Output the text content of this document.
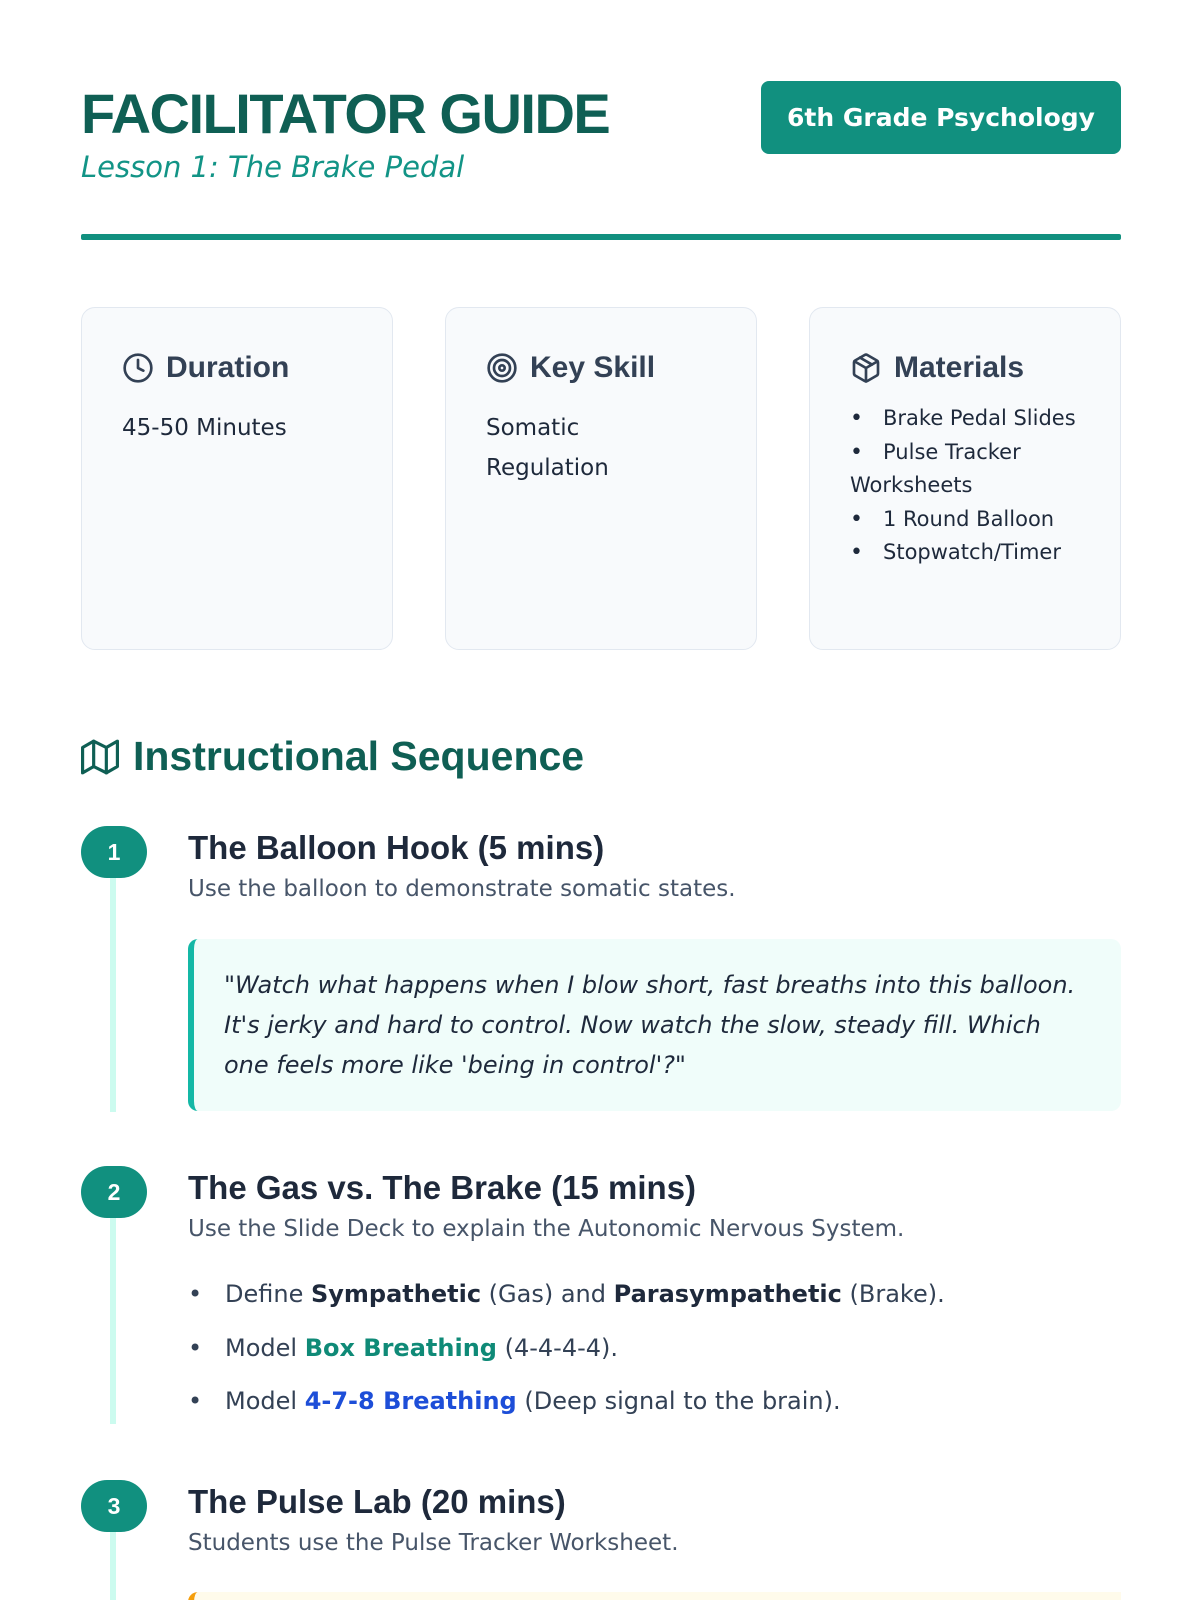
FACILITATOR GUIDE
Lesson 1: The Brake Pedal
6th Grade Psychology
Duration
45-50 Minutes
Key Skill
Somatic Regulation
Materials
• Brake Pedal Slides
• Pulse Tracker Worksheets
• 1 Round Balloon
• Stopwatch/Timer
Instructional Sequence
1	The Balloon Hook (5 mins)
Use the balloon to demonstrate somatic states.
"Watch what happens when I blow short, fast breaths into this balloon. It's jerky and hard to control. Now watch the slow, steady fill. Which one feels more like 'being in control'?"
2	The Gas vs. The Brake (15 mins)
Use the Slide Deck to explain the Autonomic Nervous System.
• Define Sympathetic (Gas) and Parasympathetic (Brake).
• Model Box Breathing (4-4-4-4).
• Model 4-7-8 Breathing (Deep signal to the brain).
3	The Pulse Lab (20 mins)
Students use the Pulse Tracker Worksheet.
